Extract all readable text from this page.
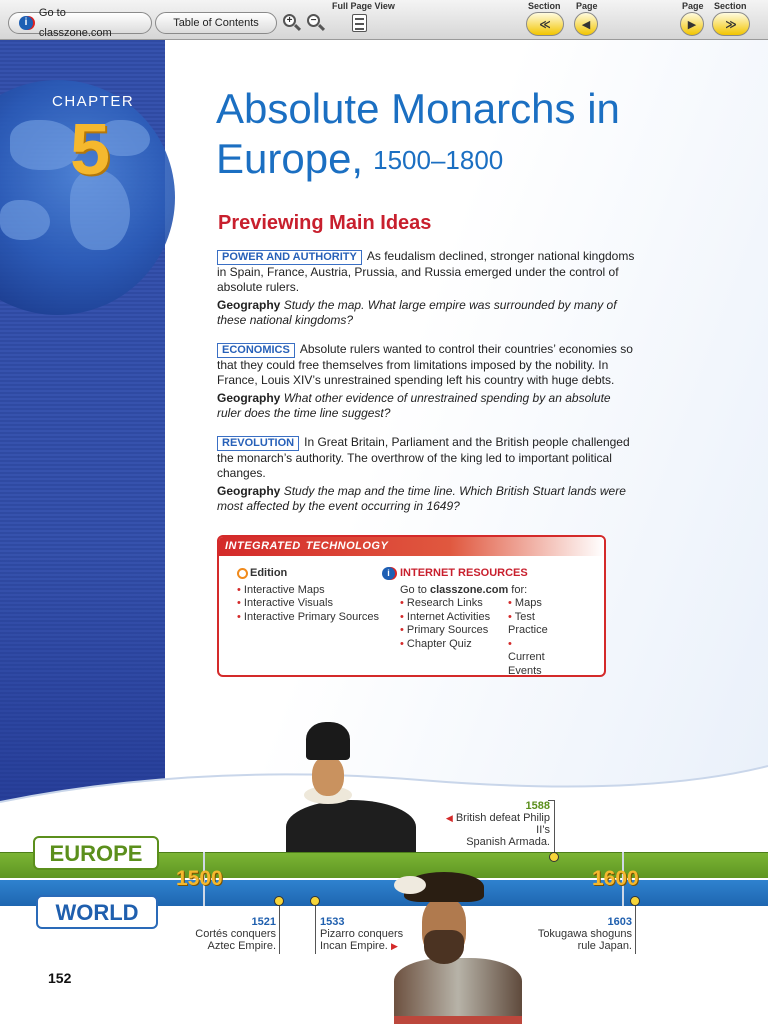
i
Go to classzone.com
Table of Contents	+	−
Full Page View	Section Page	Page Section
≪	◀	▶	≫
CHAPTER
5
Absolute Monarchs in Europe, 1500–1800
Previewing Main Ideas
POWER AND AUTHORITY As feudalism declined, stronger national kingdoms in Spain, France, Austria, Prussia, and Russia emerged under the control of absolute rulers.
Geography Study the map. What large empire was surrounded by many of these national kingdoms?
ECONOMICS Absolute rulers wanted to control their countries’ economies so that they could free themselves from limitations imposed by the nobility. In France, Louis XIV’s unrestrained spending left his country with huge debts.
Geography What other evidence of unrestrained spending by an absolute ruler does the time line suggest?
REVOLUTION In Great Britain, Parliament and the British people challenged the monarch’s authority. The overthrow of the king led to important political changes.
Geography Study the map and the time line. Which British Stuart lands were most affected by the event occurring in 1649?
INTEGRATED TECHNOLOGY
Edition
• Interactive Maps
• Interactive Visuals
• Interactive Primary Sources
i INTERNET RESOURCES
Go to classzone.com for:
• Research Links
• Internet Activities
• Primary Sources
• Chapter Quiz
• Maps
• Test Practice
• Current Events
EUROPE
WORLD
1500	1600
1588
◀ British defeat Philip II’s
Spanish Armada.
1521
Cortés conquers
Aztec Empire.
1533
Pizarro conquers
Incan Empire. ▶
1603
Tokugawa shoguns
rule Japan.
152
